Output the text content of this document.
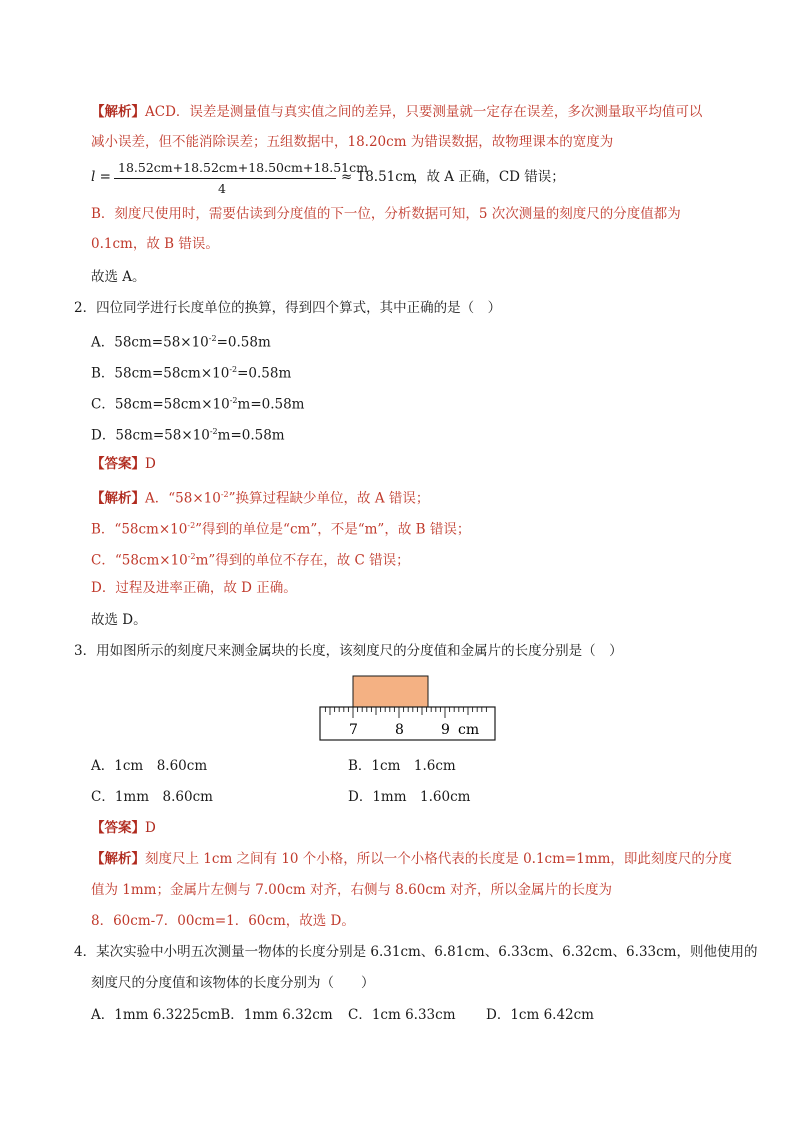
【解析】ACD．误差是测量值与真实值之间的差异，只要测量就一定存在误差，多次测量取平均值可以
减小误差，但不能消除误差；五组数据中，18.20cm 为错误数据，故物理课本的宽度为
l =
18.52cm+18.52cm+18.50cm+18.51cm
4
≈ 18.51cm
，故 A 正确，CD 错误；
B．刻度尺使用时，需要估读到分度值的下一位，分析数据可知，5 次次测量的刻度尺的分度值都为
0.1cm，故 B 错误。
故选 A。
2．四位同学进行长度单位的换算，得到四个算式，其中正确的是（　）
A．$58cm=58\times 10^{-2}=0.58m$
B．$58cm=58cm\times 10^{-2}=0.58m$
C．$58cm=58cm\times 10^{-2}m=0.58m$
D．$58cm=58\times 10^{-2}m=0.58m$
【答案】D
【解析】A．“$58\times 10^{-2}$”换算过程缺少单位，故 A 错误；
B．“$58cm\times 10^{-2}$”得到的单位是“cm”，不是“m”，故 B 错误；
C．“$58cm\times 10^{-2}m$”得到的单位不存在，故 C 错误；
D．过程及进率正确，故 D 正确。
故选 D。
3．用如图所示的刻度尺来测金属块的长度，该刻度尺的分度值和金属片的长度分别是（　）
7	8	9 cm
A．1cm　8.60cm	B．1cm　1.6cm
C．1mm　8.60cm	D．1mm　1.60cm
【答案】D
【解析】刻度尺上 1cm 之间有 10 个小格，所以一个小格代表的长度是 0.1cm=1mm，即此刻度尺的分度
值为 1mm；金属片左侧与 7.00cm 对齐，右侧与 8.60cm 对齐，所以金属片的长度为
8．60cm-7．00cm=1．60cm，故选 D。
4．某次实验中小明五次测量一物体的长度分别是 6.31cm、6.81cm、6.33cm、6.32cm、6.33cm，则他使用的
刻度尺的分度值和该物体的长度分别为（　　）
A．1mm 6.3225cmB．1mm 6.32cm C．1cm 6.33cm D．1cm 6.42cm
